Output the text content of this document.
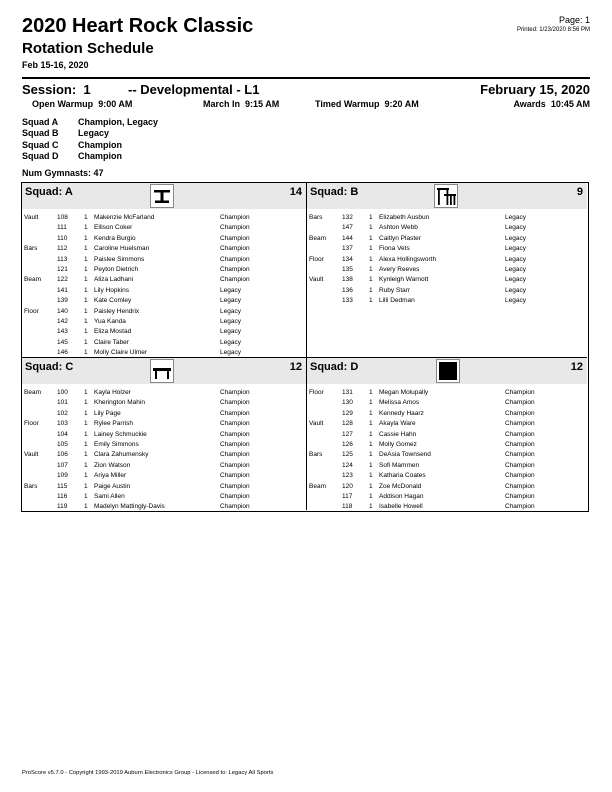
2020 Heart Rock Classic
Rotation Schedule
Feb 15-16, 2020
Page: 1
Printed: 1/23/2020 8:56 PM
Session: 1	-- Developmental - L1	February 15, 2020
Open Warmup 9:00 AM	March In 9:15 AM	Timed Warmup 9:20 AM	Awards 10:45 AM
Squad A Champion, Legacy
Squad B Legacy
Squad C Champion
Squad D Champion
Num Gymnasts: 47
Squad: A	14
Vault	108 1 Makenzie McFarland	Champion
111	1 Ellison Coker	Champion
110	1 Kendra Burgio	Champion
Bars	112	1 Caroline Huelsman	Champion
113	1 Paislee Simmons	Champion
121 1 Peyton Dietrich	Champion
Beam 122 1 Aliza Ladhani	Champion
141 1 Lily Hopkins	Legacy
139 1 Kate Comley	Legacy
Floor	140 1 Paisley Hendrix	Legacy
142 1 Yua Kanda	Legacy
143 1 Eliza Mostad	Legacy
145 1 Claire Taber	Legacy
146 1 Molly Claire Ulmer	Legacy
Squad: B	9
Bars	132 1 Elizabeth Ausbun	Legacy
147 1 Ashton Webb	Legacy
Beam 144 1 Caitlyn Plaster	Legacy
137 1 Fiona Vets	Legacy
Floor	134 1 Alexa Hollingsworth	Legacy
135 1 Avery Reeves	Legacy
Vault	138 1 Kynleigh Warnott	Legacy
136 1 Ruby Starr	Legacy
133 1 Lilli Dedman	Legacy
Squad: C	12
Beam 100 1 Kayla Holzer	Champion
101 1 Kherington Mahin	Champion
102 1 Lily Page	Champion
Floor	103 1 Rylee Parrish	Champion
104 1 Lainey Schmuckie	Champion
105 1 Emily Simmons	Champion
Vault	106 1 Clara Zahumensky	Champion
107 1 Zion Watson	Champion
109 1 Ariya Miller	Champion
Bars	115	1 Paige Austin	Champion
116	1 Sami Allen	Champion
119	1 Madelyn Mattingly-Davis	Champion
Squad: D	12
Floor	131 1 Megan Molupally	Champion
130 1 Melissa Amos	Champion
129 1 Kennedy Haarz	Champion
Vault	128 1 Akayla Ware	Champion
127 1 Cassie Hahn	Champion
126 1 Molly Gomez	Champion
Bars	125 1 DeAsia Townsend	Champion
124 1 Sofi Mammen	Champion
123 1 Katharia Coates	Champion
Beam 120 1 Zoe McDonald	Champion
117	1 Addison Hagan	Champion
118	1 Isabelle Howell	Champion
ProScore v5.7.0 - Copyright 1993-2019 Auburn Electronics Group - Licensed to: Legacy All Sports
